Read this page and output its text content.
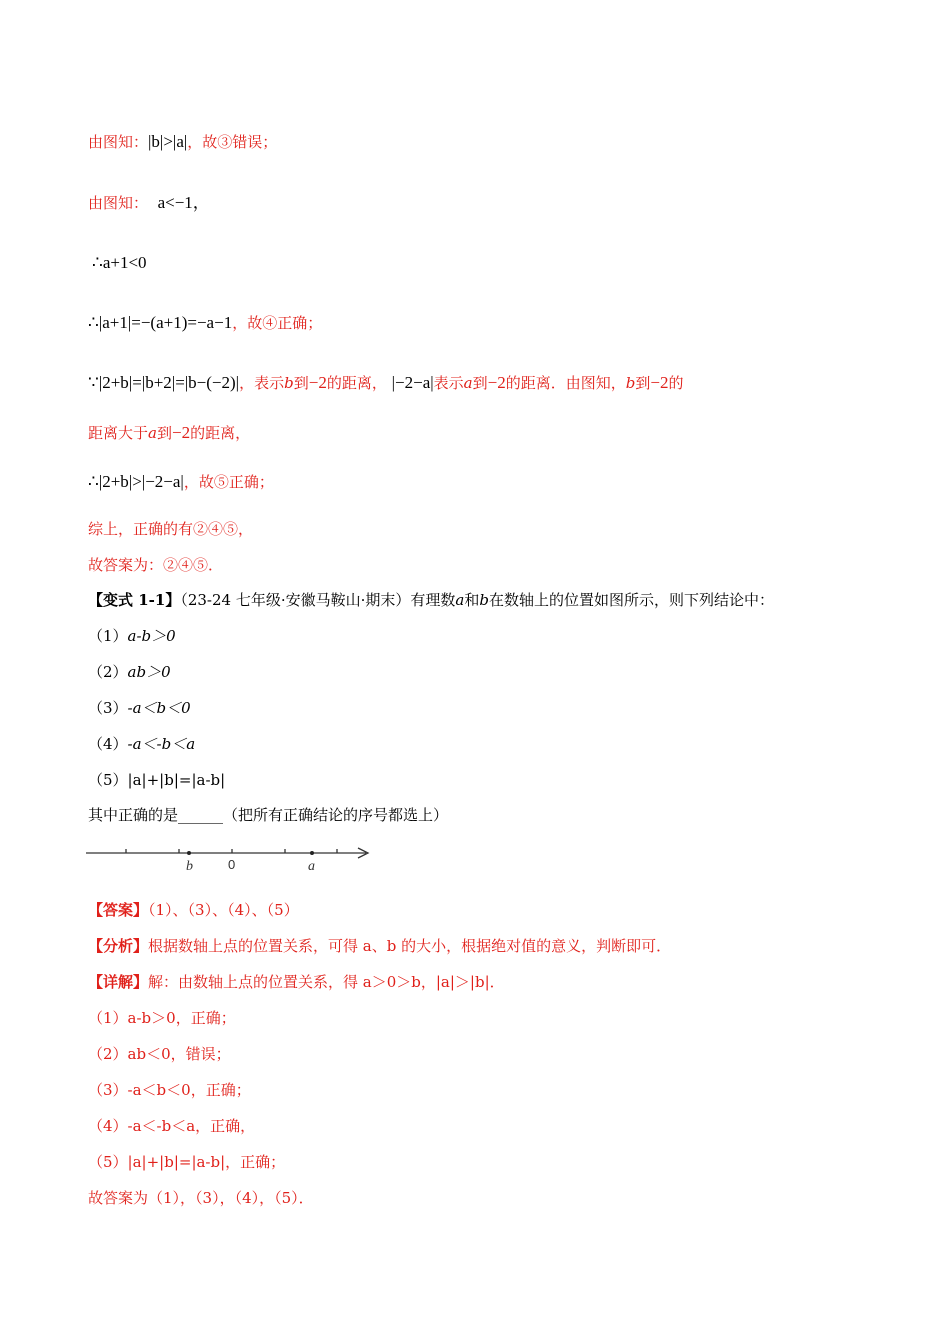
由图知：|b|>|a|，故③错误；
由图知： a<−1，
∴a+1<0
∴|a+1|=−(a+1)=−a−1，故④正确；
∵|2+b|=|b+2|=|b−(−2)|，表示b到−2的距离， |−2−a|表示a到−2的距离．由图知，b到−2的
距离大于a到−2的距离，
∴|2+b|>|−2−a|，故⑤正确；
综上，正确的有②④⑤，
故答案为：②④⑤．
【变式 1-1】（23-24 七年级·安徽马鞍山·期末）有理数a和b在数轴上的位置如图所示，则下列结论中：
（1）a-b＞0
（2）ab＞0
（3）-a＜b＜0
（4）-a＜-b＜a
（5）|a|+|b|=|a-b|
其中正确的是______（把所有正确结论的序号都选上）
b	0	a
【答案】（1）、（3）、（4）、（5）
【分析】根据数轴上点的位置关系，可得 a、b 的大小，根据绝对值的意义，判断即可．
【详解】解：由数轴上点的位置关系，得 a＞0＞b，|a|＞|b|．
（1）a-b＞0，正确；
（2）ab＜0，错误；
（3）-a＜b＜0，正确；
（4）-a＜-b＜a，正确，
（5）|a|+|b|=|a-b|，正确；
故答案为（1），（3），（4），（5）．
